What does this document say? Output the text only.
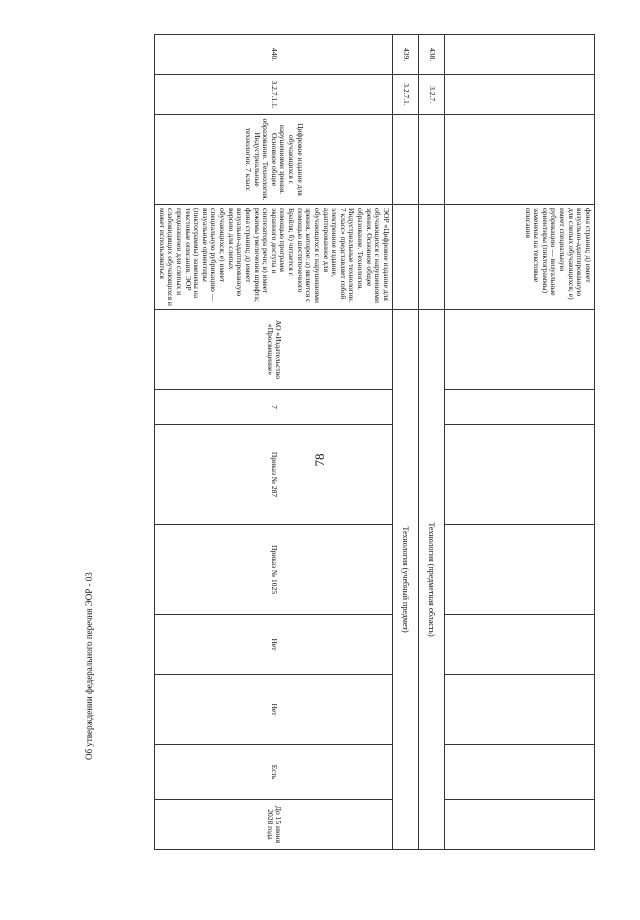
78
Об утверждении федерального перечня ЭОР - 03
			фона страниц; д) имеет визуально-адаптированную для слепых обучающихся; е) имеет специальную рубрикацию — визуальные ориентиры (пиктограммы) заменены на текстовые описания								
438.	3.2.7.			Технология (предметная область)							
439.	3.2.7.1.			Технология (учебный предмет)							
440.	3.2.7.1.1.	Цифровое издание для обучающихся с нарушениями зрения. Основное общее образование. Технология. Индустриальные технологии. 7 класс	ЭОР «Цифровое издание для обучающихся с нарушениями зрения. Основное общее образование. Технология. Индустриальные технологии. 7 класс» представляет собой электронное издание, адаптированное для обучающихся с нарушениями зрения, которое: а) является с помощью шеститочечного Брайля; б) читается с помощью программ экранного доступа и синтезатора речи; в) имеет режимы увеличения шрифта; фона страниц; д) имеет визуально-адаптированную версию для слепых обучающихся; е) имеет специальную рубрикацию — визуальные ориентиры (пиктограммы) заменены на текстовые описания. ЭОР предназначен для слепых и слабовидящих обучающихся и может использоваться	АО «Издательство «Просвещение»	7	Приказ № 287	Приказ № 1025	Нет	Нет	Есть	До 15 июня 2028 года
